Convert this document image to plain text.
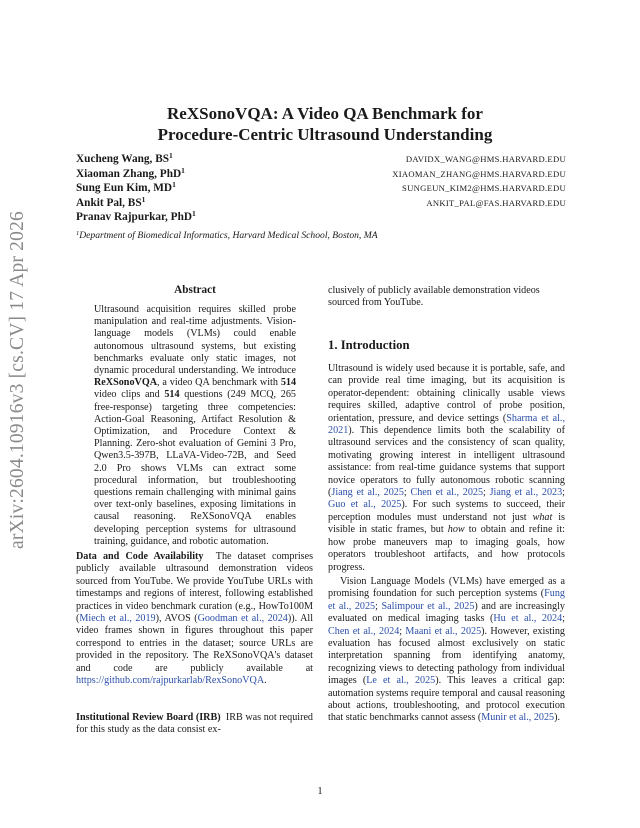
arXiv:2604.10916v3 [cs.CV] 17 Apr 2026
ReXSonoVQA: A Video QA Benchmark for
Procedure-Centric Ultrasound Understanding
Xucheng Wang, $BS^1$	DAVIDX_WANG@HMS.HARVARD.EDU
Xiaoman Zhang, PhD$^1$	XIAOMAN_ZHANG@HMS.HARVARD.EDU
Sung Eun Kim, $MD^1$	SUNGEUN_KIM2@HMS.HARVARD.EDU
Ankit Pal, $BS^1$	ANKIT_PAL@FAS.HARVARD.EDU
Pranav Rajpurkar, PhD$^1$
$^1$Department of Biomedical Informatics, Harvard Medical School, Boston, MA
Abstract
Ultrasound acquisition requires skilled probe manipulation and real-time adjustments. Vision-language models (VLMs) could enable autonomous ultrasound systems, but existing benchmarks evaluate only static images, not dynamic procedural understanding. We introduce ReXSonoVQA, a video QA benchmark with 514 video clips and 514 questions (249 MCQ, 265 free-response) targeting three competencies: Action-Goal Reasoning, Artifact Resolution & Optimization, and Procedure Context & Planning. Zero-shot evaluation of Gemini 3 Pro, Qwen3.5-397B, LLaVA-Video-72B, and Seed 2.0 Pro shows VLMs can extract some procedural information, but troubleshooting questions remain challenging with minimal gains over text-only baselines, exposing limitations in causal reasoning. ReXSonoVQA enables developing perception systems for ultrasound training, guidance, and robotic automation.
Data and Code Availability The dataset comprises publicly available ultrasound demonstration videos sourced from YouTube. We provide YouTube URLs with timestamps and regions of interest, following established practices in video benchmark curation (e.g., HowTo100M (Miech et al., 2019), AVOS (Goodman et al., 2024)). All video frames shown in figures throughout this paper correspond to entries in the dataset; source URLs are provided in the repository. The ReXSonoVQA's dataset and code are publicly available at https://github.com/rajpurkarlab/RexSonoVQA.
Institutional Review Board (IRB) IRB was not required for this study as the data consist ex-
clusively of publicly available demonstration videos sourced from YouTube.
1. Introduction

Ultrasound is widely used because it is portable, safe, and can provide real time imaging, but its acquisition is operator-dependent: obtaining clinically usable views requires skilled, adaptive control of probe position, orientation, pressure, and device settings (Sharma et al., 2021). This dependence limits both the scalability of ultrasound services and the consistency of scan quality, motivating growing interest in intelligent ultrasound assistance: from real-time guidance systems that support novice operators to fully autonomous robotic scanning (Jiang et al., 2025; Chen et al., 2025; Jiang et al., 2023; Guo et al., 2025). For such systems to succeed, their perception modules must understand not just what is visible in static frames, but how to obtain and refine it: how probe maneuvers map to imaging goals, how operators troubleshoot artifacts, and how protocols progress.

Vision Language Models (VLMs) have emerged as a promising foundation for such perception systems (Fung et al., 2025; Salimpour et al., 2025) and are increasingly evaluated on medical imaging tasks (Hu et al., 2024; Chen et al., 2024; Maani et al., 2025). However, existing evaluation has focused almost exclusively on static interpretation spanning from identifying anatomy, recognizing views to detecting pathology from individual images (Le et al., 2025). This leaves a critical gap: automation systems require temporal and causal reasoning about actions, troubleshooting, and protocol execution that static benchmarks cannot assess (Munir et al., 2025).

1
